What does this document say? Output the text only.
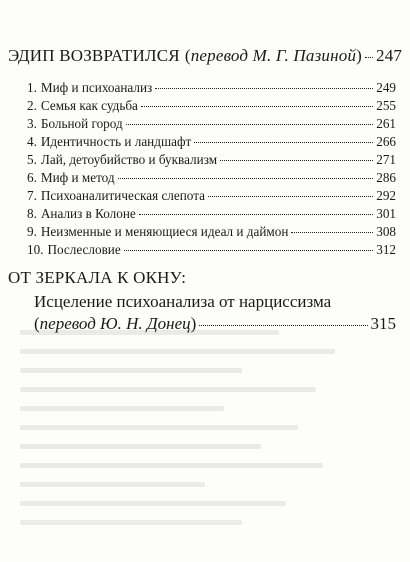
ЭДИП ВОЗВРАТИЛСЯ (перевод М. Г. Пазиной) 247
1. Миф и психоанализ	249
2. Семья как судьба	255
3. Больной город	261
4. Идентичность и ландшафт	266
5. Лай, детоубийство и буквализм	271
6. Миф и метод	286
7. Психоаналитическая слепота	292
8. Анализ в Колоне	301
9. Неизменные и меняющиеся идеал и даймон	308
10. Послесловие	312
ОТ ЗЕРКАЛА К ОКНУ:
Исцеление психоанализа от нарциссизма
(перевод Ю. Н. Донец)	315
